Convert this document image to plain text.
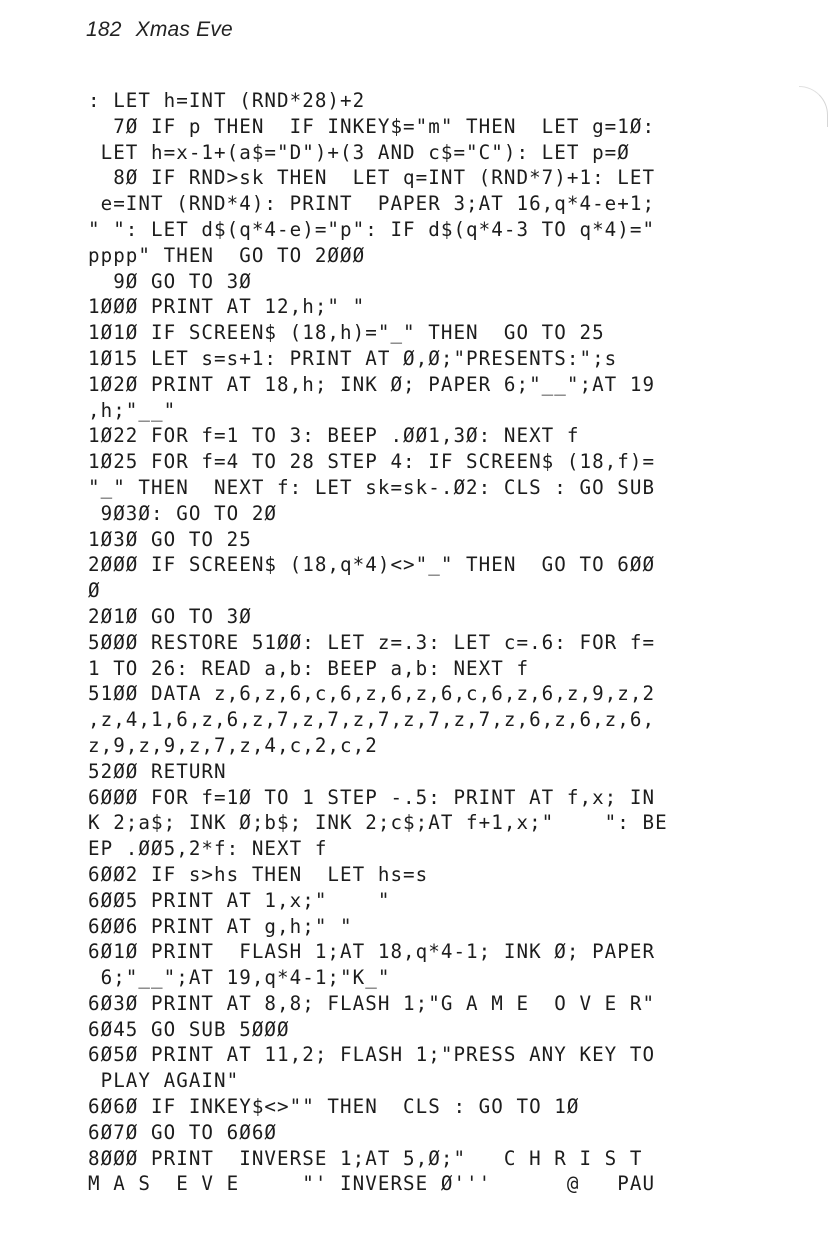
182 Xmas Eve
: LET h=INT (RND*28)+2
7Ø IF p THEN  IF INKEY$="m" THEN  LET g=1Ø:
LET h=x-1+(a$="D")+(3 AND c$="C"): LET p=Ø
8Ø IF RND>sk THEN  LET q=INT (RND*7)+1: LET
e=INT (RND*4): PRINT  PAPER 3;AT 16,q*4-e+1;
" ": LET d$(q*4-e)="p": IF d$(q*4-3 TO q*4)="
pppp" THEN  GO TO 2ØØØ
9Ø GO TO 3Ø
1ØØØ PRINT AT 12,h;" "
1Ø1Ø IF SCREEN$ (18,h)="_" THEN  GO TO 25
1Ø15 LET s=s+1: PRINT AT Ø,Ø;"PRESENTS:";s
1Ø2Ø PRINT AT 18,h; INK Ø; PAPER 6;"__";AT 19
,h;"__"
1Ø22 FOR f=1 TO 3: BEEP .ØØ1,3Ø: NEXT f
1Ø25 FOR f=4 TO 28 STEP 4: IF SCREEN$ (18,f)=
"_" THEN  NEXT f: LET sk=sk-.Ø2: CLS : GO SUB
9Ø3Ø: GO TO 2Ø
1Ø3Ø GO TO 25
2ØØØ IF SCREEN$ (18,q*4)<>"_" THEN  GO TO 6ØØ
Ø
2Ø1Ø GO TO 3Ø
5ØØØ RESTORE 51ØØ: LET z=.3: LET c=.6: FOR f=
1 TO 26: READ a,b: BEEP a,b: NEXT f
51ØØ DATA z,6,z,6,c,6,z,6,z,6,c,6,z,6,z,9,z,2
,z,4,1,6,z,6,z,7,z,7,z,7,z,7,z,7,z,6,z,6,z,6,
z,9,z,9,z,7,z,4,c,2,c,2
52ØØ RETURN
6ØØØ FOR f=1Ø TO 1 STEP -.5: PRINT AT f,x; IN
K 2;a$; INK Ø;b$; INK 2;c$;AT f+1,x;"    ": BE
EP .ØØ5,2*f: NEXT f
6ØØ2 IF s>hs THEN  LET hs=s
6ØØ5 PRINT AT 1,x;"    "
6ØØ6 PRINT AT g,h;" "
6Ø1Ø PRINT  FLASH 1;AT 18,q*4-1; INK Ø; PAPER
6;"__";AT 19,q*4-1;"K_"
6Ø3Ø PRINT AT 8,8; FLASH 1;"G A M E  O V E R"
6Ø45 GO SUB 5ØØØ
6Ø5Ø PRINT AT 11,2; FLASH 1;"PRESS ANY KEY TO
PLAY AGAIN"
6Ø6Ø IF INKEY$<>"" THEN  CLS : GO TO 1Ø
6Ø7Ø GO TO 6Ø6Ø
8ØØØ PRINT  INVERSE 1;AT 5,Ø;"   C H R I S T
M A S  E V E     "' INVERSE Ø'''      @   PAU
